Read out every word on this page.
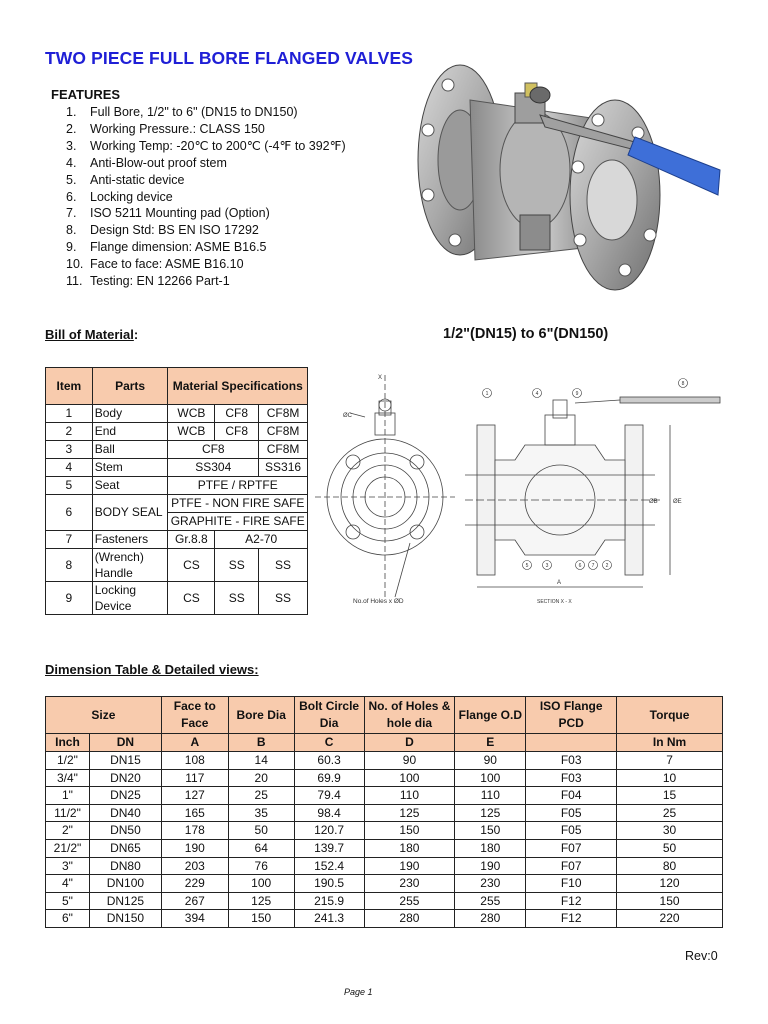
TWO PIECE FULL BORE FLANGED VALVES
FEATURES
1. Full Bore, 1/2" to 6" (DN15 to DN150)
2. Working Pressure.: CLASS 150
3. Working Temp: -20℃ to 200℃ (-4℉ to 392℉)
4. Anti-Blow-out proof stem
5. Anti-static device
6. Locking device
7. ISO 5211 Mounting pad (Option)
8. Design Std: BS EN ISO 17292
9. Flange dimension: ASME B16.5
10. Face to face: ASME B16.10
11. Testing: EN 12266 Part-1
Bill of Material:	1/2"(DN15) to 6"(DN150)
Item	Parts	Material Specifications		
1	Body	WCB	CF8	CF8M
2	End	WCB	CF8	CF8M
3	Ball	CF8		CF8M
4	Stem	SS304		SS316
5	Seat	PTFE / RPTFE		
6	BODY SEAL	PTFE - NON FIRE SAFE		
		GRAPHITE - FIRE SAFE		
7	Fasteners	Gr.8.8	A2-70	
8	(Wrench) Handle	CS	SS	SS
9	Locking Device	CS	SS	SS
X
ØC
No.of Holes x ØD
1	4	9
8
5	3	6 7 2
A
ØB	ØE
SECTION X - X
Dimension Table & Detailed views:
Size		Face to Face	Bore Dia	Bolt Circle Dia	No. of Holes & hole dia	Flange O.D	ISO Flange PCD	Torque
Inch	DN	A	B	C	D	E		In Nm
1/2"	DN15	108	14	60.3	90	90	F03	7
3/4"	DN20	117	20	69.9	100	100	F03	10
1"	DN25	127	25	79.4	110	110	F04	15
11/2"	DN40	165	35	98.4	125	125	F05	25
2"	DN50	178	50	120.7	150	150	F05	30
21/2"	DN65	190	64	139.7	180	180	F07	50
3"	DN80	203	76	152.4	190	190	F07	80
4"	DN100	229	100	190.5	230	230	F10	120
5"	DN125	267	125	215.9	255	255	F12	150
6"	DN150	394	150	241.3	280	280	F12	220
Rev:0
Page 1
